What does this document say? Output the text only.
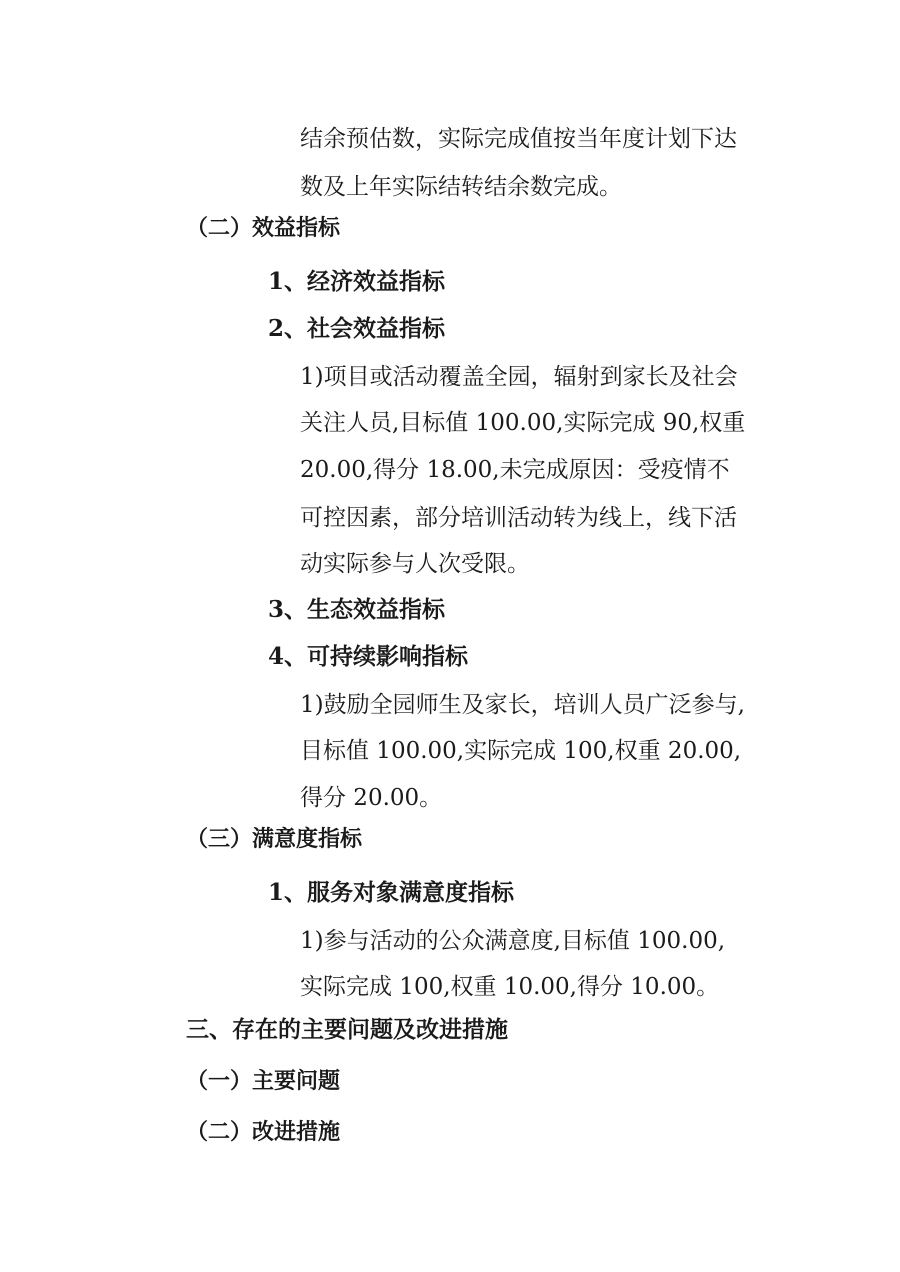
结余预估数，实际完成值按当年度计划下达
数及上年实际结转结余数完成。
（二）效益指标
1、经济效益指标
2、社会效益指标
1)项目或活动覆盖全园，辐射到家长及社会
关注人员,目标值 100.00,实际完成 90,权重
20.00,得分 18.00,未完成原因：受疫情不
可控因素，部分培训活动转为线上，线下活
动实际参与人次受限。
3、生态效益指标
4、可持续影响指标
1)鼓励全园师生及家长，培训人员广泛参与,
目标值 100.00,实际完成 100,权重 20.00,
得分 20.00。
（三）满意度指标
1、服务对象满意度指标
1)参与活动的公众满意度,目标值 100.00,
实际完成 100,权重 10.00,得分 10.00。
三、存在的主要问题及改进措施
（一）主要问题
（二）改进措施
